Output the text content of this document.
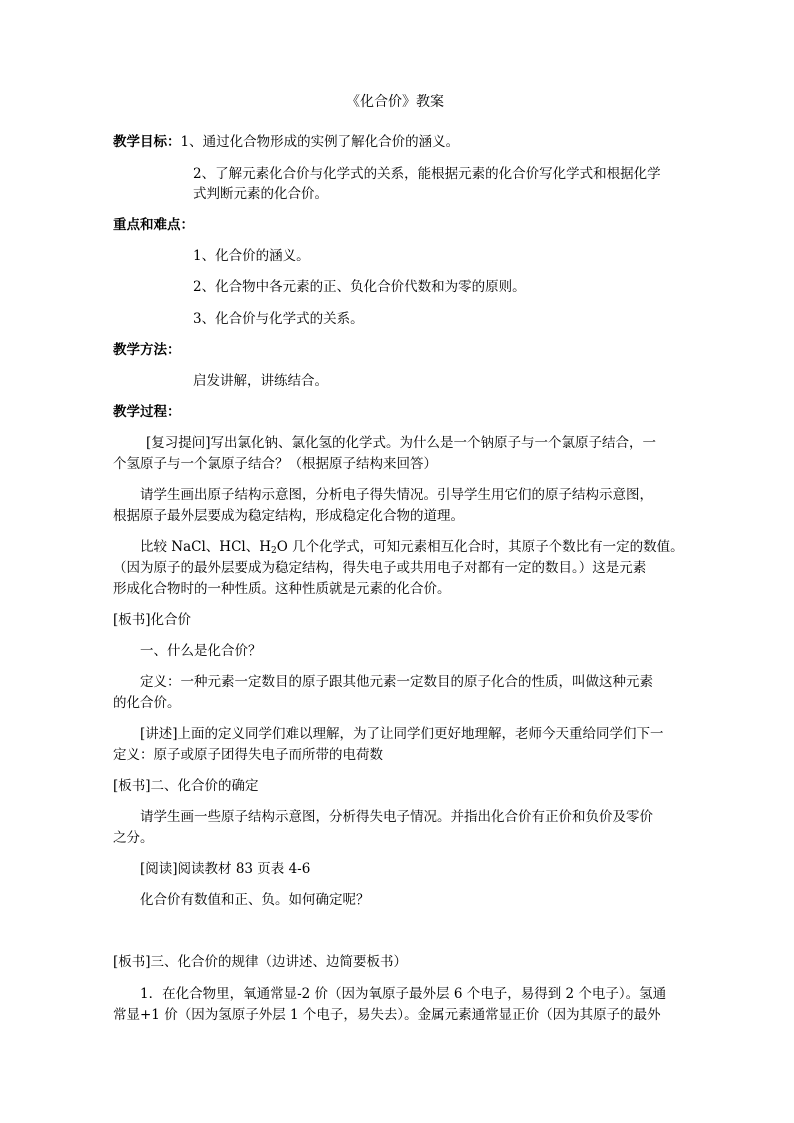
《化合价》教案
教学目标：1、通过化合物形成的实例了解化合价的涵义。
2、了解元素化合价与化学式的关系，能根据元素的化合价写化学式和根据化学
式判断元素的化合价。
重点和难点：
1、化合价的涵义。
2、化合物中各元素的正、负化合价代数和为零的原则。
3、化合价与化学式的关系。
教学方法：
启发讲解，讲练结合。
教学过程：
[复习提问]写出氯化钠、氯化氢的化学式。为什么是一个钠原子与一个氯原子结合，一
个氢原子与一个氯原子结合？（根据原子结构来回答）
请学生画出原子结构示意图，分析电子得失情况。引导学生用它们的原子结构示意图，
根据原子最外层要成为稳定结构，形成稳定化合物的道理。
比较 NaCl、HCl、$H_2O$ 几个化学式，可知元素相互化合时，其原子个数比有一定的数值。
（因为原子的最外层要成为稳定结构，得失电子或共用电子对都有一定的数目。）这是元素
形成化合物时的一种性质。这种性质就是元素的化合价。
[板书]化合价
一、什么是化合价？
定义：一种元素一定数目的原子跟其他元素一定数目的原子化合的性质，叫做这种元素
的化合价。
[讲述]上面的定义同学们难以理解，为了让同学们更好地理解，老师今天重给同学们下一
定义：原子或原子团得失电子而所带的电荷数
[板书]二、化合价的确定
请学生画一些原子结构示意图，分析得失电子情况。并指出化合价有正价和负价及零价
之分。
[阅读]阅读教材 83 页表 4-6
化合价有数值和正、负。如何确定呢？
[板书]三、化合价的规律（边讲述、边简要板书）
1．在化合物里，氧通常显-2 价（因为氧原子最外层 6 个电子，易得到 2 个电子）。氢通
常显+1 价（因为氢原子外层 1 个电子，易失去）。金属元素通常显正价（因为其原子的最外
